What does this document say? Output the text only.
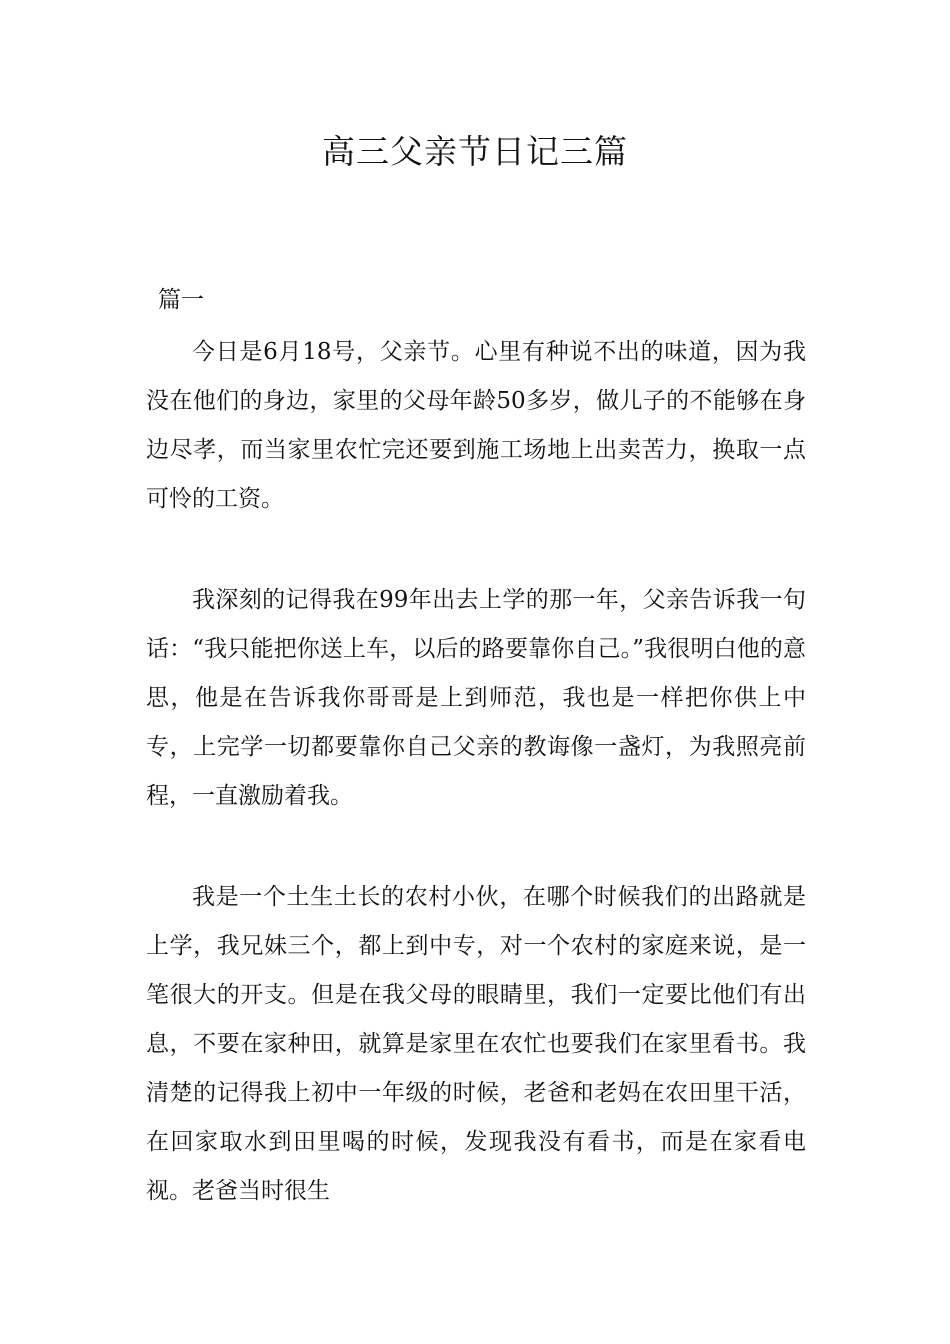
高三父亲节日记三篇
篇一

今日是6月18号，父亲节。心里有种说不出的味道，因为我没在他们的身边，家里的父母年龄50多岁，做儿子的不能够在身边尽孝，而当家里农忙完还要到施工场地上出卖苦力，换取一点可怜的工资。

我深刻的记得我在99年出去上学的那一年，父亲告诉我一句话：“我只能把你送上车，以后的路要靠你自己。”我很明白他的意思，他是在告诉我你哥哥是上到师范，我也是一样把你供上中专，上完学一切都要靠你自己父亲的教诲像一盏灯，为我照亮前程，一直激励着我。

我是一个土生土长的农村小伙，在哪个时候我们的出路就是上学，我兄妹三个，都上到中专，对一个农村的家庭来说，是一笔很大的开支。但是在我父母的眼睛里，我们一定要比他们有出息，不要在家种田，就算是家里在农忙也要我们在家里看书。我清楚的记得我上初中一年级的时候，老爸和老妈在农田里干活，在回家取水到田里喝的时候，发现我没有看书，而是在家看电视。老爸当时很生
